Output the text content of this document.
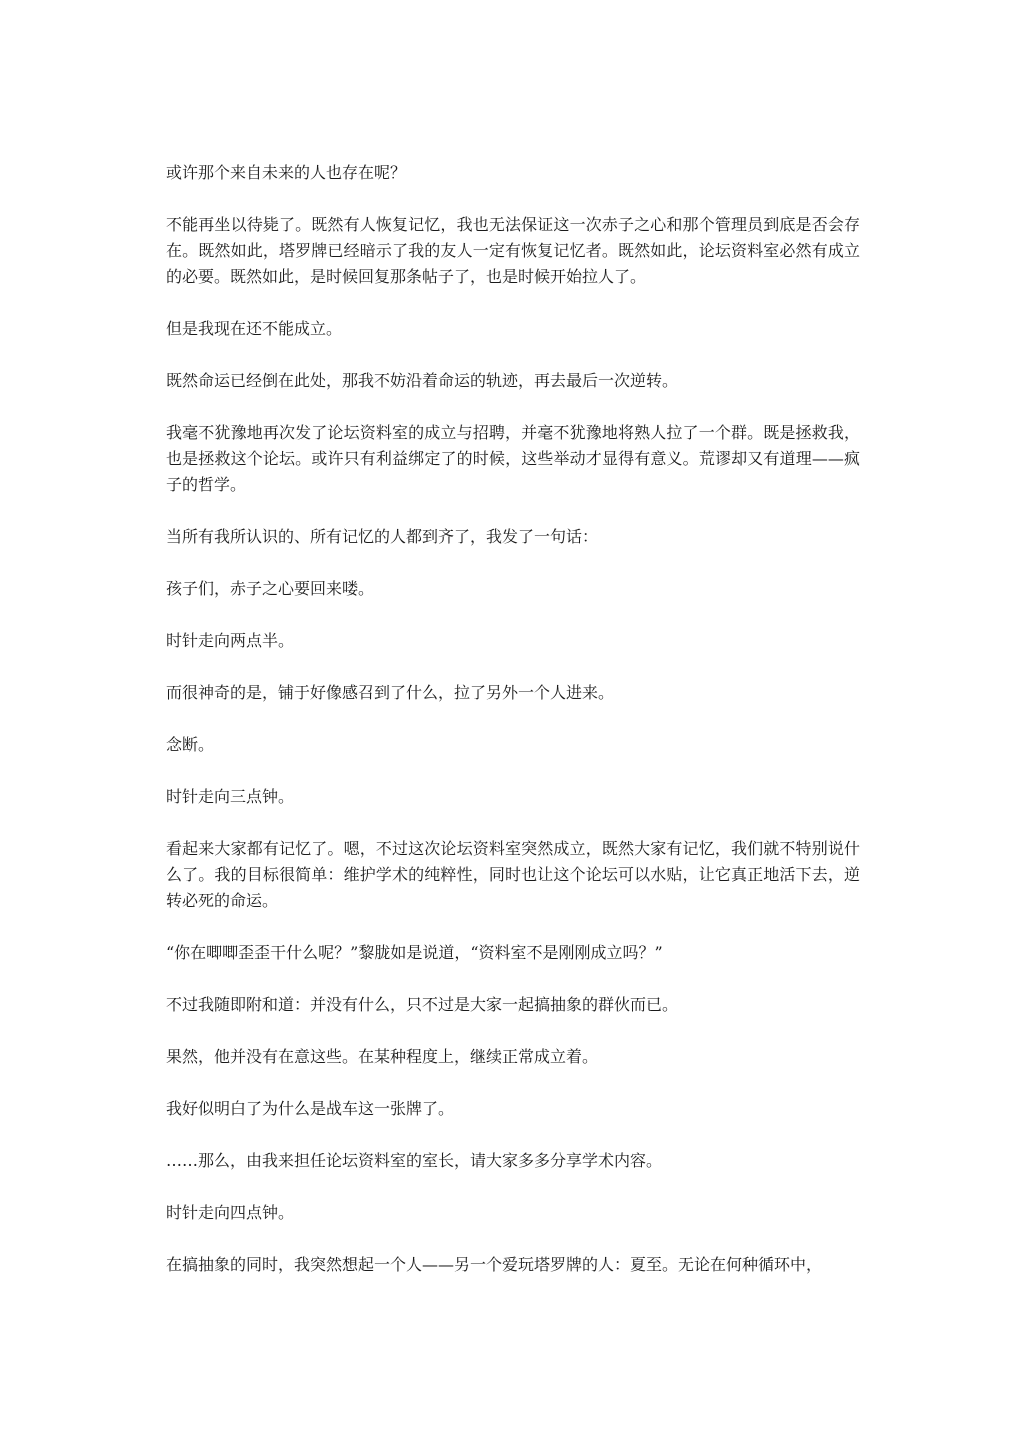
或许那个来自未来的人也存在呢？

不能再坐以待毙了。既然有人恢复记忆，我也无法保证这一次赤子之心和那个管理员到底是否会存在。既然如此，塔罗牌已经暗示了我的友人一定有恢复记忆者。既然如此，论坛资料室必然有成立的必要。既然如此，是时候回复那条帖子了，也是时候开始拉人了。

但是我现在还不能成立。

既然命运已经倒在此处，那我不妨沿着命运的轨迹，再去最后一次逆转。

我毫不犹豫地再次发了论坛资料室的成立与招聘，并毫不犹豫地将熟人拉了一个群。既是拯救我，也是拯救这个论坛。或许只有利益绑定了的时候，这些举动才显得有意义。荒谬却又有道理——疯子的哲学。

当所有我所认识的、所有记忆的人都到齐了，我发了一句话：

孩子们，赤子之心要回来喽。

时针走向两点半。

而很神奇的是，铺于好像感召到了什么，拉了另外一个人进来。

念断。

时针走向三点钟。

看起来大家都有记忆了。嗯，不过这次论坛资料室突然成立，既然大家有记忆，我们就不特别说什么了。我的目标很简单：维护学术的纯粹性，同时也让这个论坛可以水贴，让它真正地活下去，逆转必死的命运。

“你在唧唧歪歪干什么呢？”黎胧如是说道，“资料室不是刚刚成立吗？”

不过我随即附和道：并没有什么，只不过是大家一起搞抽象的群伙而已。

果然，他并没有在意这些。在某种程度上，继续正常成立着。

我好似明白了为什么是战车这一张牌了。

……那么，由我来担任论坛资料室的室长，请大家多多分享学术内容。

时针走向四点钟。

在搞抽象的同时，我突然想起一个人——另一个爱玩塔罗牌的人：夏至。无论在何种循环中，
